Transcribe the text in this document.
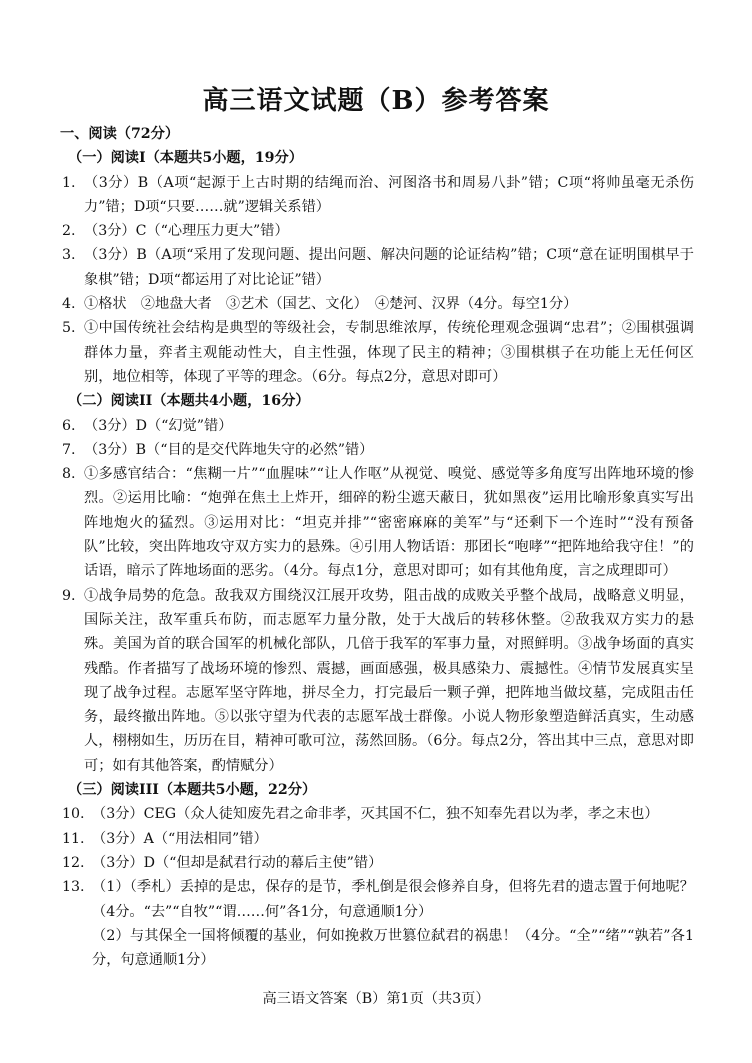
高三语文试题（B）参考答案
一、阅读（72分）
（一）阅读I（本题共5小题，19分）
1. （3分）B（A项“起源于上古时期的结绳而治、河图洛书和周易八卦”错；C项“将帅虽毫无杀伤力”错；D项“只要……就”逻辑关系错）
2. （3分）C（“心理压力更大”错）
3. （3分）B（A项“采用了发现问题、提出问题、解决问题的论证结构”错；C项“意在证明围棋早于象棋”错；D项“都运用了对比论证”错）
4. ①格状　②地盘大者　③艺术（国艺、文化）　④楚河、汉界（4分。每空1分）
5. ①中国传统社会结构是典型的等级社会，专制思维浓厚，传统伦理观念强调“忠君”；②围棋强调群体力量，弈者主观能动性大，自主性强，体现了民主的精神；③围棋棋子在功能上无任何区别，地位相等，体现了平等的理念。（6分。每点2分，意思对即可）
（二）阅读II（本题共4小题，16分）
6. （3分）D（“幻觉”错）
7. （3分）B（“目的是交代阵地失守的必然”错）
8. ①多感官结合：“焦糊一片”“血腥味”“让人作呕”从视觉、嗅觉、感觉等多角度写出阵地环境的惨烈。②运用比喻：“炮弹在焦土上炸开，细碎的粉尘遮天蔽日，犹如黑夜”运用比喻形象真实写出阵地炮火的猛烈。③运用对比：“坦克并排”“密密麻麻的美军”与“还剩下一个连时”“没有预备队”比较，突出阵地攻守双方实力的悬殊。④引用人物话语：那团长“咆哮”“把阵地给我守住！”的话语，暗示了阵地场面的恶劣。（4分。每点1分，意思对即可；如有其他角度，言之成理即可）
9. ①战争局势的危急。敌我双方围绕汉江展开攻势，阻击战的成败关乎整个战局，战略意义明显，国际关注，敌军重兵布防，而志愿军力量分散，处于大战后的转移休整。②敌我双方实力的悬殊。美国为首的联合国军的机械化部队，几倍于我军的军事力量，对照鲜明。③战争场面的真实残酷。作者描写了战场环境的惨烈、震撼，画面感强，极具感染力、震撼性。④情节发展真实呈现了战争过程。志愿军坚守阵地，拼尽全力，打完最后一颗子弹，把阵地当做坟墓，完成阻击任务，最终撤出阵地。⑤以张守望为代表的志愿军战士群像。小说人物形象塑造鲜活真实，生动感人，栩栩如生，历历在目，精神可歌可泣，荡然回肠。（6分。每点2分，答出其中三点，意思对即可；如有其他答案，酌情赋分）
（三）阅读III（本题共5小题，22分）
10. （3分）CEG（众人徒知废先君之命非孝，灭其国不仁，独不知奉先君以为孝，孝之末也）
11. （3分）A（“用法相同”错）
12. （3分）D（“但却是弑君行动的幕后主使”错）
13. （1）（季札）丢掉的是忠，保存的是节，季札倒是很会修养自身，但将先君的遗志置于何地呢？（4分。“去”“自牧”“谓……何”各1分，句意通顺1分）
（2）与其保全一国将倾覆的基业，何如挽救万世篡位弑君的祸患！（4分。“全”“绪”“孰若”各1分，句意通顺1分）
高三语文答案（B）第1页（共3页）
